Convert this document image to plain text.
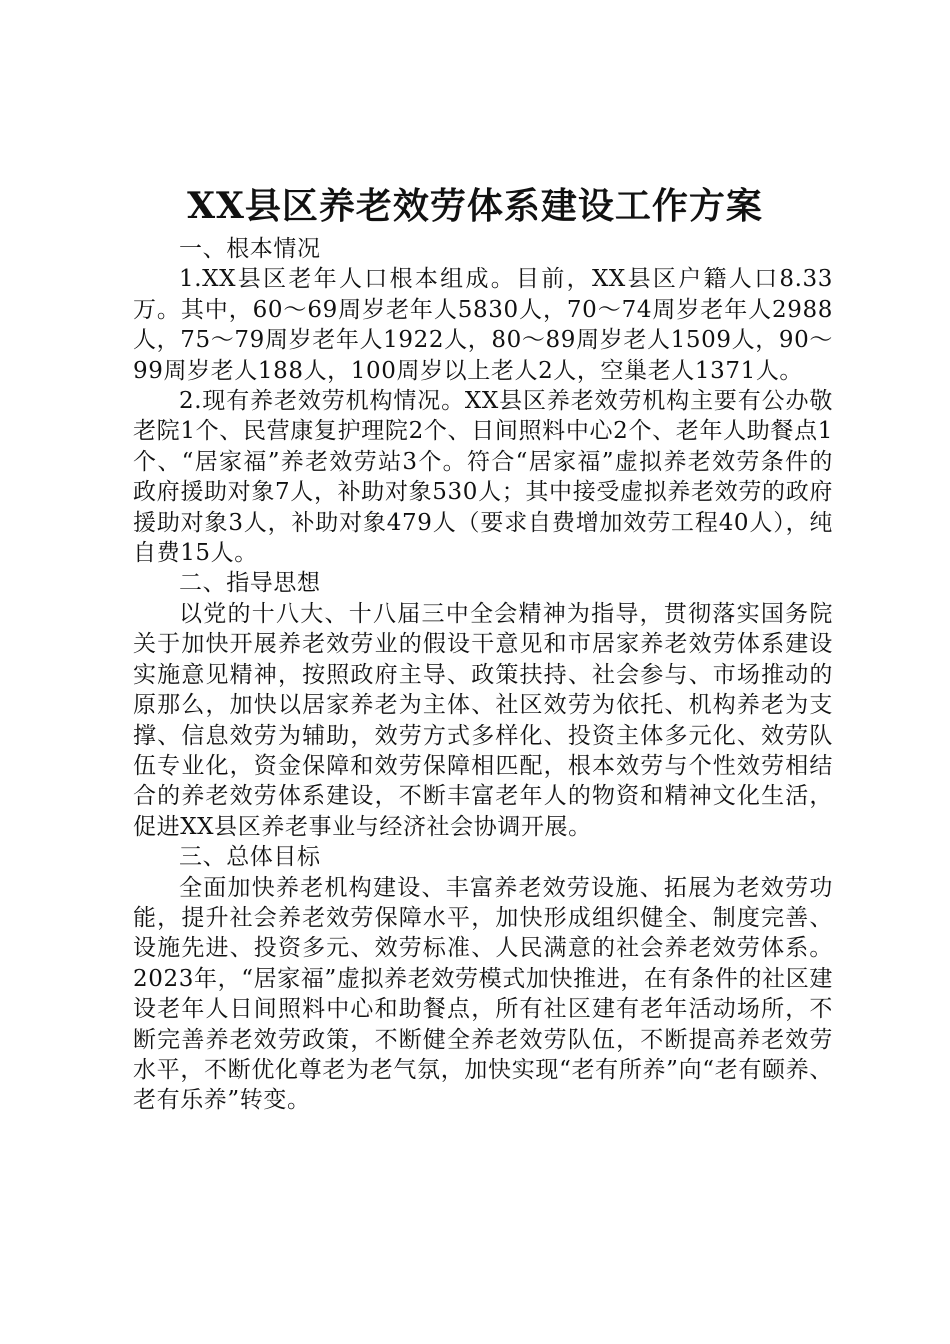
XX县区养老效劳体系建设工作方案

一、根本情况

1.XX县区老年人口根本组成。目前，XX县区户籍人口8.33万。其中，60～69周岁老年人5830人，70～74周岁老年人2988人，75～79周岁老年人1922人，80～89周岁老人1509人，90～99周岁老人188人，100周岁以上老人2人，空巢老人1371人。

2.现有养老效劳机构情况。XX县区养老效劳机构主要有公办敬老院1个、民营康复护理院2个、日间照料中心2个、老年人助餐点1个、“居家福”养老效劳站3个。符合“居家福”虚拟养老效劳条件的政府援助对象7人，补助对象530人；其中接受虚拟养老效劳的政府援助对象3人，补助对象479人（要求自费增加效劳工程40人），纯自费15人。

二、指导思想

以党的十八大、十八届三中全会精神为指导，贯彻落实国务院关于加快开展养老效劳业的假设干意见和市居家养老效劳体系建设实施意见精神，按照政府主导、政策扶持、社会参与、市场推动的原那么，加快以居家养老为主体、社区效劳为依托、机构养老为支撑、信息效劳为辅助，效劳方式多样化、投资主体多元化、效劳队伍专业化，资金保障和效劳保障相匹配，根本效劳与个性效劳相结合的养老效劳体系建设，不断丰富老年人的物资和精神文化生活，促进XX县区养老事业与经济社会协调开展。

三、总体目标

全面加快养老机构建设、丰富养老效劳设施、拓展为老效劳功能，提升社会养老效劳保障水平，加快形成组织健全、制度完善、设施先进、投资多元、效劳标准、人民满意的社会养老效劳体系。2023年，“居家福”虚拟养老效劳模式加快推进，在有条件的社区建设老年人日间照料中心和助餐点，所有社区建有老年活动场所，不断完善养老效劳政策，不断健全养老效劳队伍，不断提高养老效劳水平，不断优化尊老为老气氛，加快实现“老有所养”向“老有颐养、老有乐养”转变。
